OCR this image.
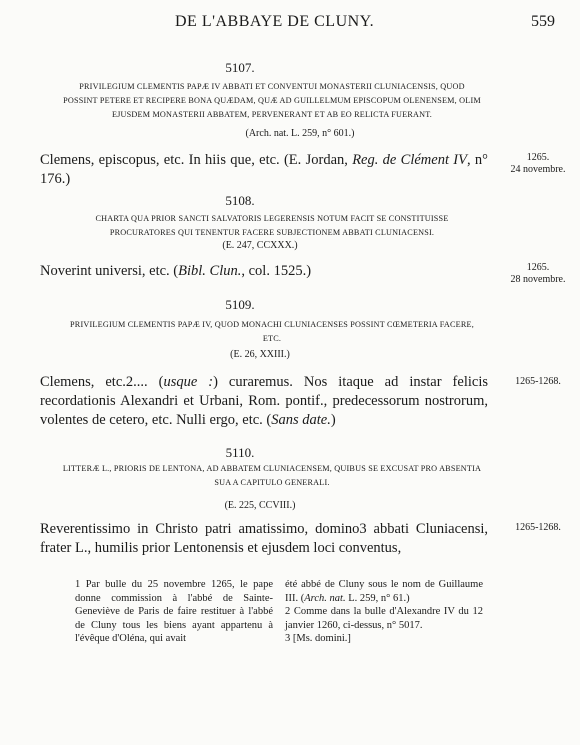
DE L'ABBAYE DE CLUNY.	559
5107.
PRIVILEGIUM CLEMENTIS PAPÆ IV ABBATI ET CONVENTUI MONASTERII CLUNIACENSIS, QUOD POSSINT PETERE ET RECIPERE BONA QUÆDAM, QUÆ AD GUILLELMUM EPISCOPUM OLENENSEM, OLIM EJUSDEM MONASTERII ABBATEM, PERVENERANT ET AB EO RELICTA FUERANT.
(Arch. nat. L. 259, n° 601.)
Clemens, episcopus, etc. In hiis que, etc. (E. Jordan, Reg. de Clément IV, n° 176.)
1265.
24 novembre.
5108.
CHARTA QUA PRIOR SANCTI SALVATORIS LEGERENSIS NOTUM FACIT SE CONSTITUISSE PROCURATORES QUI TENENTUR FACERE SUBJECTIONEM ABBATI CLUNIACENSI.
(E. 247, CCXXX.)
Noverint universi, etc. (Bibl. Clun., col. 1525.)	1265.
28 novembre.
5109.
PRIVILEGIUM CLEMENTIS PAPÆ IV, QUOD MONACHI CLUNIACENSES POSSINT CŒMETERIA FACERE, ETC.
(E. 26, XXIII.)
Clemens, etc.2.... (usque :) curaremus. Nos itaque ad instar felicis recordationis Alexandri et Urbani, Rom. pontif., predecessorum nostrorum, volentes de cetero, etc. Nulli ergo, etc. (Sans date.)
1265-1268.
5110.
LITTERÆ L., PRIORIS DE LENTONA, AD ABBATEM CLUNIACENSEM, QUIBUS SE EXCUSAT PRO ABSENTIA SUA A CAPITULO GENERALI.
(E. 225, CCVIII.)
Reverentissimo in Christo patri amatissimo, domino3 abbati Cluniacensi, frater L., humilis prior Lentonensis et ejusdem loci conventus,
1265-1268.
1 Par bulle du 25 novembre 1265, le pape donne commission à l'abbé de Sainte-Geneviève de Paris de faire restituer à l'abbé de Cluny tous les biens ayant appartenu à l'évêque d'Oléna, qui avait
été abbé de Cluny sous le nom de Guillaume III. (Arch. nat. L. 259, n° 61.)
2 Comme dans la bulle d'Alexandre IV du 12 janvier 1260, ci-dessus, n° 5017.
3 [Ms. domini.]
